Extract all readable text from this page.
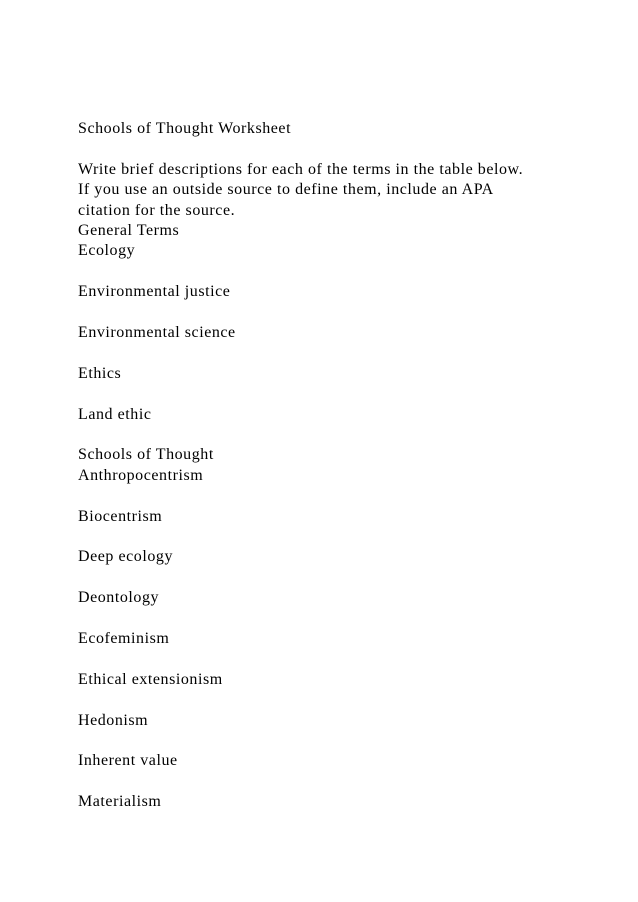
Schools of Thought Worksheet
Write brief descriptions for each of the terms in the table below.
If you use an outside source to define them, include an APA
citation for the source.
General Terms
Ecology
Environmental justice
Environmental science
Ethics
Land ethic
Schools of Thought
Anthropocentrism
Biocentrism
Deep ecology
Deontology
Ecofeminism
Ethical extensionism
Hedonism
Inherent value
Materialism
